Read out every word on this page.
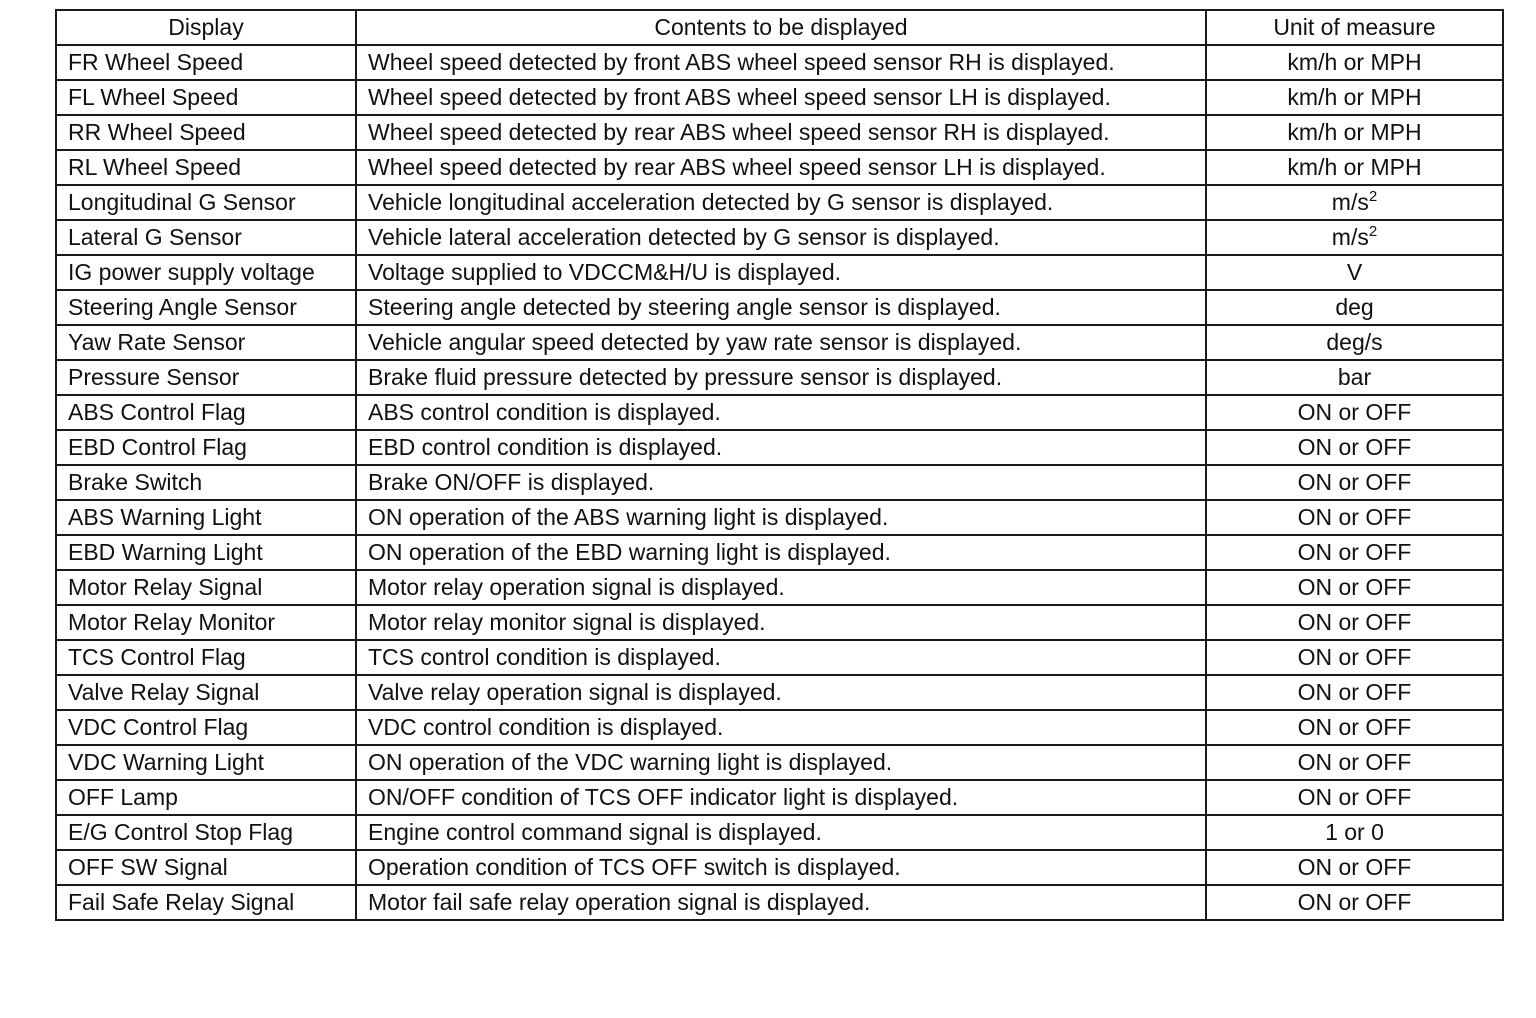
Display	Contents to be displayed	Unit of measure
FR Wheel Speed	Wheel speed detected by front ABS wheel speed sensor RH is displayed.	km/h or MPH
FL Wheel Speed	Wheel speed detected by front ABS wheel speed sensor LH is displayed.	km/h or MPH
RR Wheel Speed	Wheel speed detected by rear ABS wheel speed sensor RH is displayed.	km/h or MPH
RL Wheel Speed	Wheel speed detected by rear ABS wheel speed sensor LH is displayed.	km/h or MPH
Longitudinal G Sensor	Vehicle longitudinal acceleration detected by G sensor is displayed.	$m/s^2$
Lateral G Sensor	Vehicle lateral acceleration detected by G sensor is displayed.	$m/s^2$
IG power supply voltage	Voltage supplied to VDCCM&H/U is displayed.	V
Steering Angle Sensor	Steering angle detected by steering angle sensor is displayed.	deg
Yaw Rate Sensor	Vehicle angular speed detected by yaw rate sensor is displayed.	deg/s
Pressure Sensor	Brake fluid pressure detected by pressure sensor is displayed.	bar
ABS Control Flag	ABS control condition is displayed.	ON or OFF
EBD Control Flag	EBD control condition is displayed.	ON or OFF
Brake Switch	Brake ON/OFF is displayed.	ON or OFF
ABS Warning Light	ON operation of the ABS warning light is displayed.	ON or OFF
EBD Warning Light	ON operation of the EBD warning light is displayed.	ON or OFF
Motor Relay Signal	Motor relay operation signal is displayed.	ON or OFF
Motor Relay Monitor	Motor relay monitor signal is displayed.	ON or OFF
TCS Control Flag	TCS control condition is displayed.	ON or OFF
Valve Relay Signal	Valve relay operation signal is displayed.	ON or OFF
VDC Control Flag	VDC control condition is displayed.	ON or OFF
VDC Warning Light	ON operation of the VDC warning light is displayed.	ON or OFF
OFF Lamp	ON/OFF condition of TCS OFF indicator light is displayed.	ON or OFF
E/G Control Stop Flag	Engine control command signal is displayed.	1 or 0
OFF SW Signal	Operation condition of TCS OFF switch is displayed.	ON or OFF
Fail Safe Relay Signal	Motor fail safe relay operation signal is displayed.	ON or OFF
